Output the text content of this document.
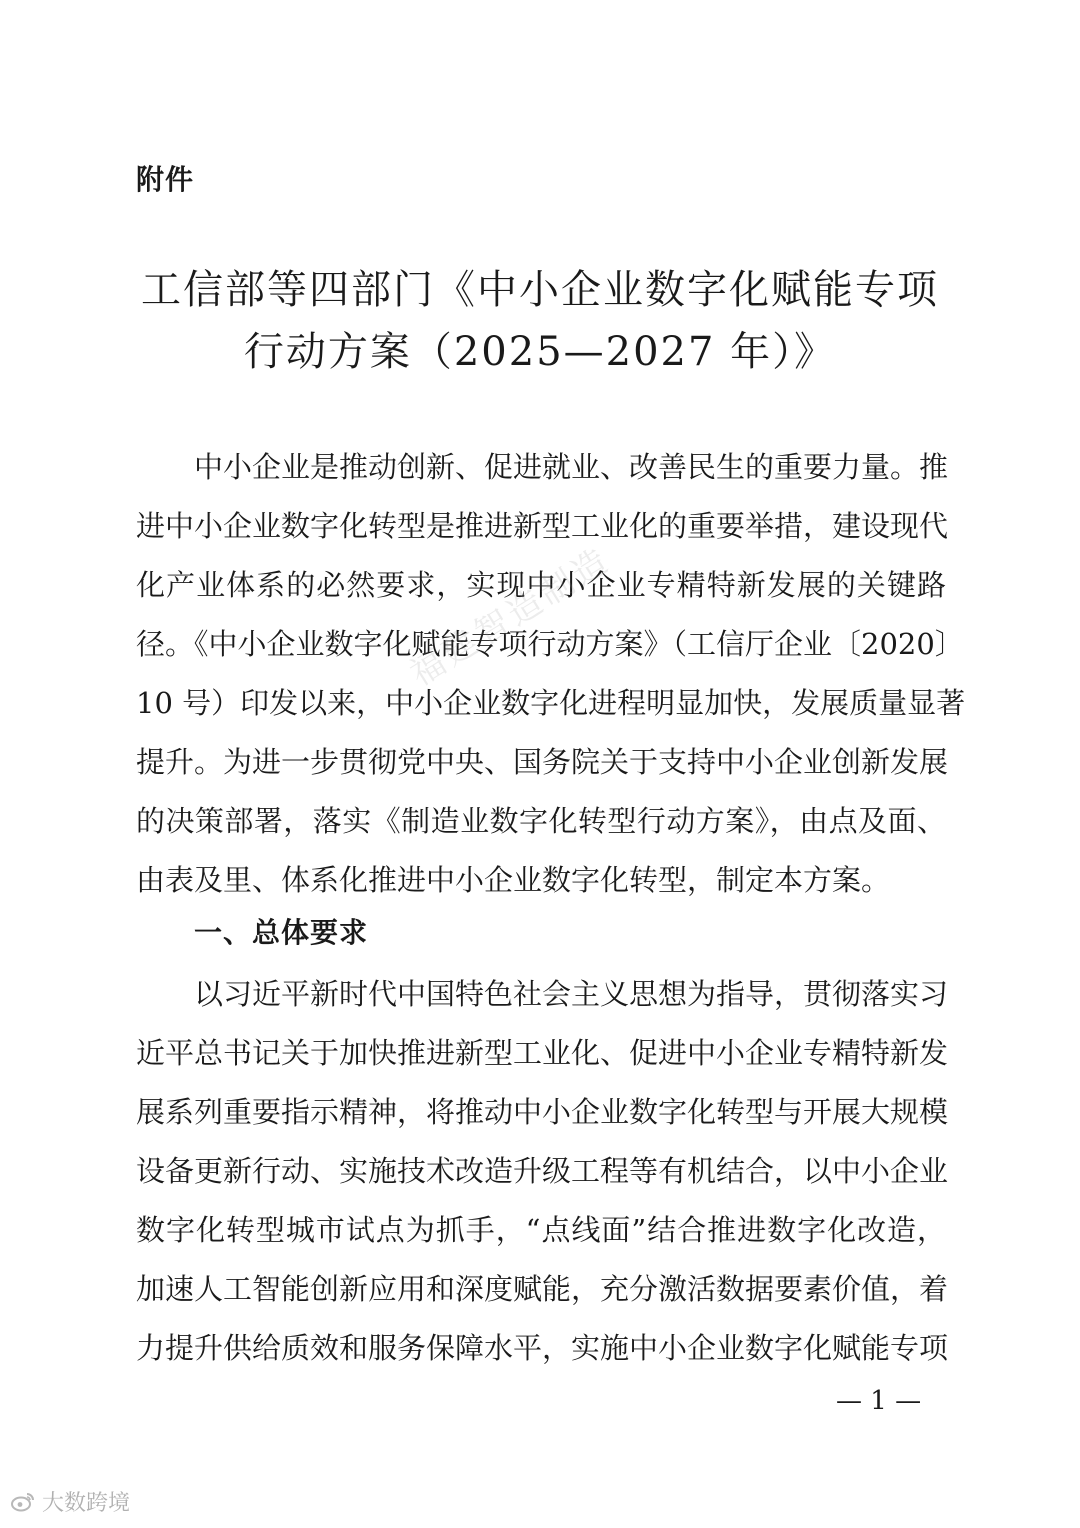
附件
工信部等四部门《中小企业数字化赋能专项
行动方案（2025—2027 年）》
中小企业是推动创新、促进就业、改善民生的重要力量。推
进中小企业数字化转型是推进新型工业化的重要举措，建设现代
化产业体系的必然要求，实现中小企业专精特新发展的关键路
径。《中小企业数字化赋能专项行动方案》（工信厅企业〔2020〕
10 号）印发以来，中小企业数字化进程明显加快，发展质量显著
提升。为进一步贯彻党中央、国务院关于支持中小企业创新发展
的决策部署，落实《制造业数字化转型行动方案》，由点及面、
由表及里、体系化推进中小企业数字化转型，制定本方案。
一、总体要求
以习近平新时代中国特色社会主义思想为指导，贯彻落实习
近平总书记关于加快推进新型工业化、促进中小企业专精特新发
展系列重要指示精神，将推动中小企业数字化转型与开展大规模
设备更新行动、实施技术改造升级工程等有机结合，以中小企业
数字化转型城市试点为抓手，“点线面”结合推进数字化改造，
加速人工智能创新应用和深度赋能，充分激活数据要素价值，着
力提升供给质效和服务保障水平，实施中小企业数字化赋能专项
— 1 —
福建智造制造
大数跨境
